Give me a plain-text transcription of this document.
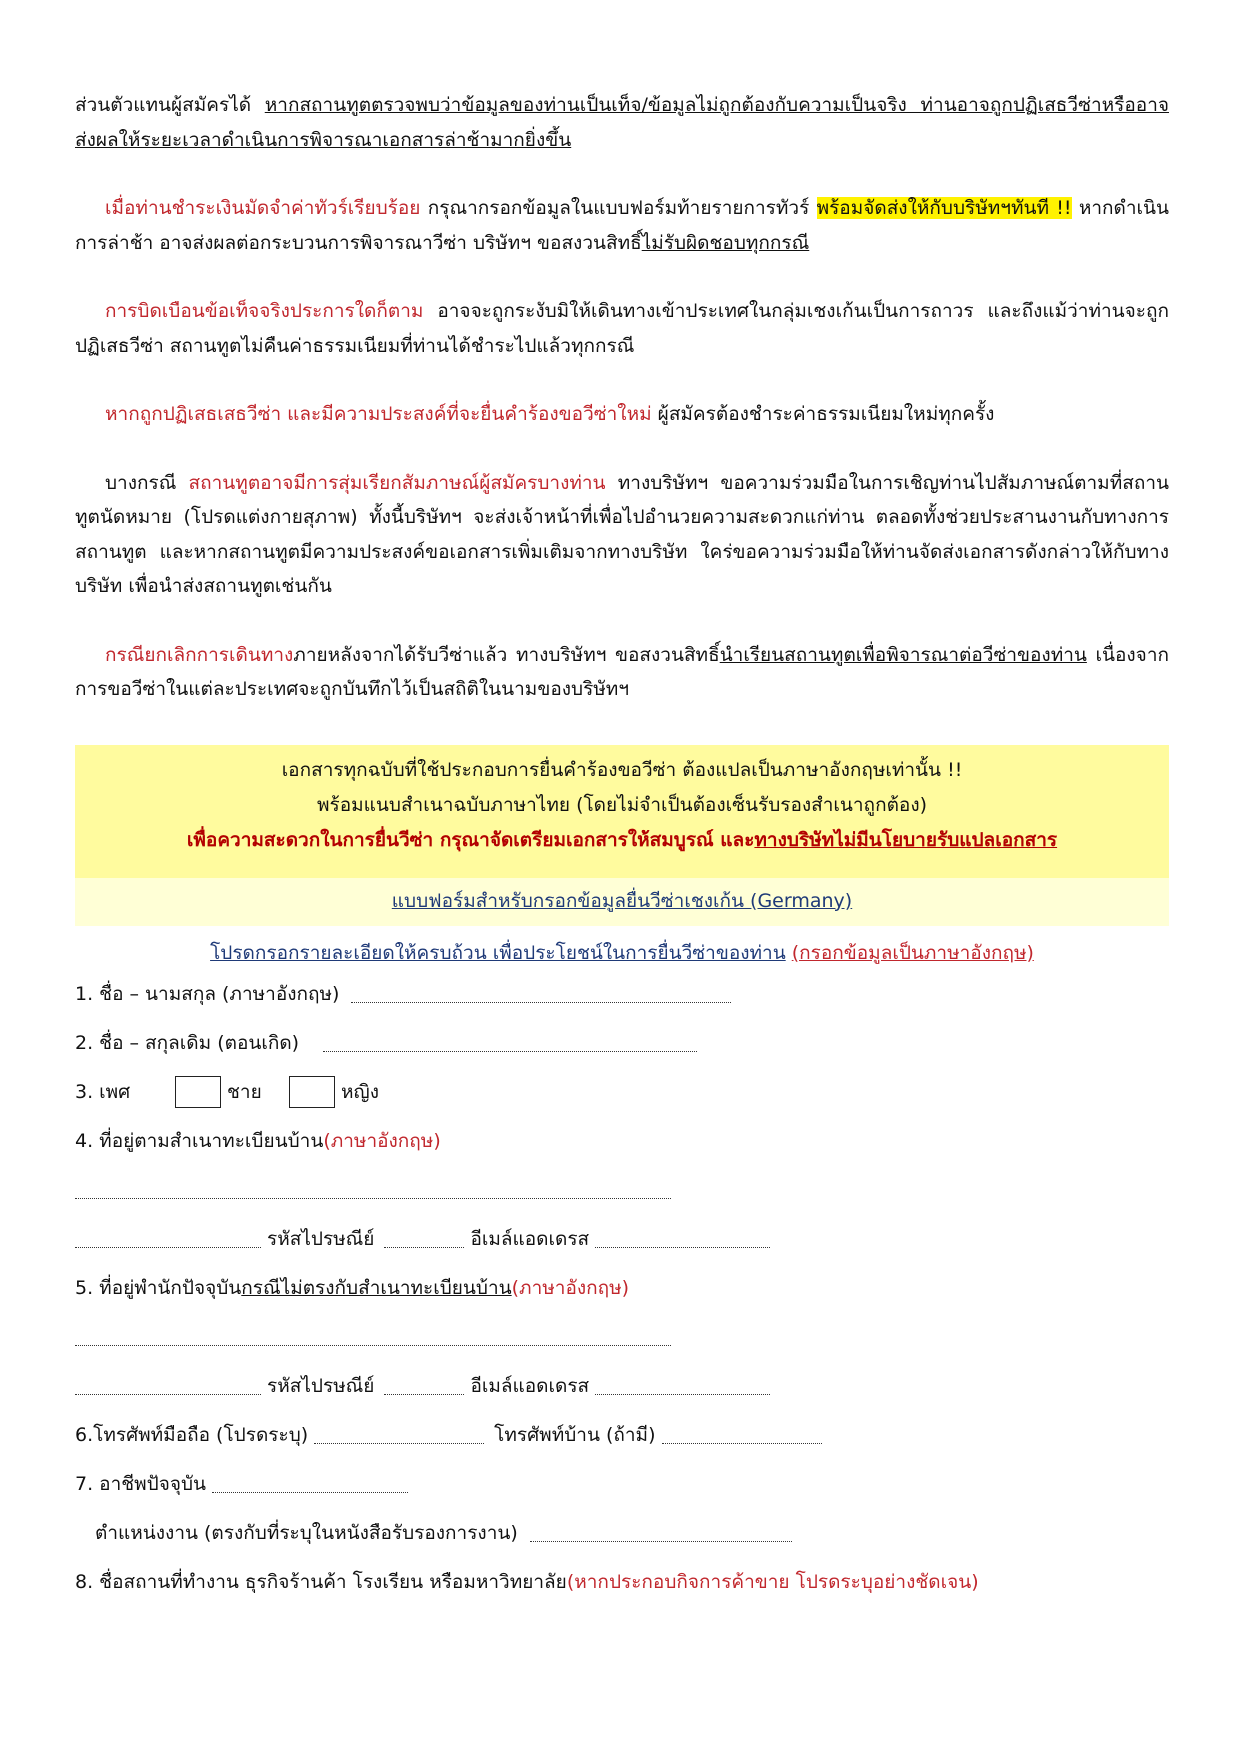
ส่วนตัวแทนผู้สมัครได้ หากสถานทูตตรวจพบว่าข้อมูลของท่านเป็นเท็จ/ข้อมูลไม่ถูกต้องกับความเป็นจริง ท่านอาจถูกปฏิเสธวีซ่าหรืออาจส่งผลให้ระยะเวลาดำเนินการพิจารณาเอกสารล่าช้ามากยิ่งขึ้น

เมื่อท่านชำระเงินมัดจำค่าทัวร์เรียบร้อย กรุณากรอกข้อมูลในแบบฟอร์มท้ายรายการทัวร์ พร้อมจัดส่งให้กับบริษัทฯทันที !! หากดำเนินการล่าช้า อาจส่งผลต่อกระบวนการพิจารณาวีซ่า บริษัทฯ ขอสงวนสิทธิ์ไม่รับผิดชอบทุกกรณี

การบิดเบือนข้อเท็จจริงประการใดก็ตาม อาจจะถูกระงับมิให้เดินทางเข้าประเทศในกลุ่มเชงเก้นเป็นการถาวร และถึงแม้ว่าท่านจะถูกปฏิเสธวีซ่า สถานทูตไม่คืนค่าธรรมเนียมที่ท่านได้ชำระไปแล้วทุกกรณี

หากถูกปฏิเสธเสธวีซ่า และมีความประสงค์ที่จะยื่นคำร้องขอวีซ่าใหม่ ผู้สมัครต้องชำระค่าธรรมเนียมใหม่ทุกครั้ง

บางกรณี สถานทูตอาจมีการสุ่มเรียกสัมภาษณ์ผู้สมัครบางท่าน ทางบริษัทฯ ขอความร่วมมือในการเชิญท่านไปสัมภาษณ์ตามที่สถานทูตนัดหมาย (โปรดแต่งกายสุภาพ) ทั้งนี้บริษัทฯ จะส่งเจ้าหน้าที่เพื่อไปอำนวยความสะดวกแก่ท่าน ตลอดทั้งช่วยประสานงานกับทางการสถานทูต และหากสถานทูตมีความประสงค์ขอเอกสารเพิ่มเติมจากทางบริษัท ใคร่ขอความร่วมมือให้ท่านจัดส่งเอกสารดังกล่าวให้กับทางบริษัท เพื่อนำส่งสถานทูตเช่นกัน

กรณียกเลิกการเดินทางภายหลังจากได้รับวีซ่าแล้ว ทางบริษัทฯ ขอสงวนสิทธิ์นำเรียนสถานทูตเพื่อพิจารณาต่อวีซ่าของท่าน เนื่องจากการขอวีซ่าในแต่ละประเทศจะถูกบันทึกไว้เป็นสถิติในนามของบริษัทฯ

เอกสารทุกฉบับที่ใช้ประกอบการยื่นคำร้องขอวีซ่า ต้องแปลเป็นภาษาอังกฤษเท่านั้น !!

พร้อมแนบสำเนาฉบับภาษาไทย (โดยไม่จำเป็นต้องเซ็นรับรองสำเนาถูกต้อง)

เพื่อความสะดวกในการยื่นวีซ่า กรุณาจัดเตรียมเอกสารให้สมบูรณ์ และทางบริษัทไม่มีนโยบายรับแปลเอกสาร

แบบฟอร์มสำหรับกรอกข้อมูลยื่นวีซ่าเชงเก้น (Germany)

โปรดกรอกรายละเอียดให้ครบถ้วน เพื่อประโยชน์ในการยื่นวีซ่าของท่าน (กรอกข้อมูลเป็นภาษาอังกฤษ)

1. ชื่อ – นามสกุล (ภาษาอังกฤษ)
2. ชื่อ – สกุลเดิม (ตอนเกิด)
3. เพศ	ชาย	หญิง
4. ที่อยู่ตามสำเนาทะเบียนบ้าน (ภาษาอังกฤษ)
รหัสไปรษณีย์	อีเมล์แอดเดรส
5. ที่อยู่พำนักปัจจุบัน กรณีไม่ตรงกับสำเนาทะเบียนบ้าน (ภาษาอังกฤษ)
รหัสไปรษณีย์	อีเมล์แอดเดรส
6.โทรศัพท์มือถือ (โปรดระบุ)	โทรศัพท์บ้าน (ถ้ามี)
7. อาชีพปัจจุบัน
ตำแหน่งงาน (ตรงกับที่ระบุในหนังสือรับรองการงาน)
8. ชื่อสถานที่ทำงาน ธุรกิจร้านค้า โรงเรียน หรือมหาวิทยาลัย (หากประกอบกิจการค้าขาย โปรดระบุอย่างชัดเจน)
